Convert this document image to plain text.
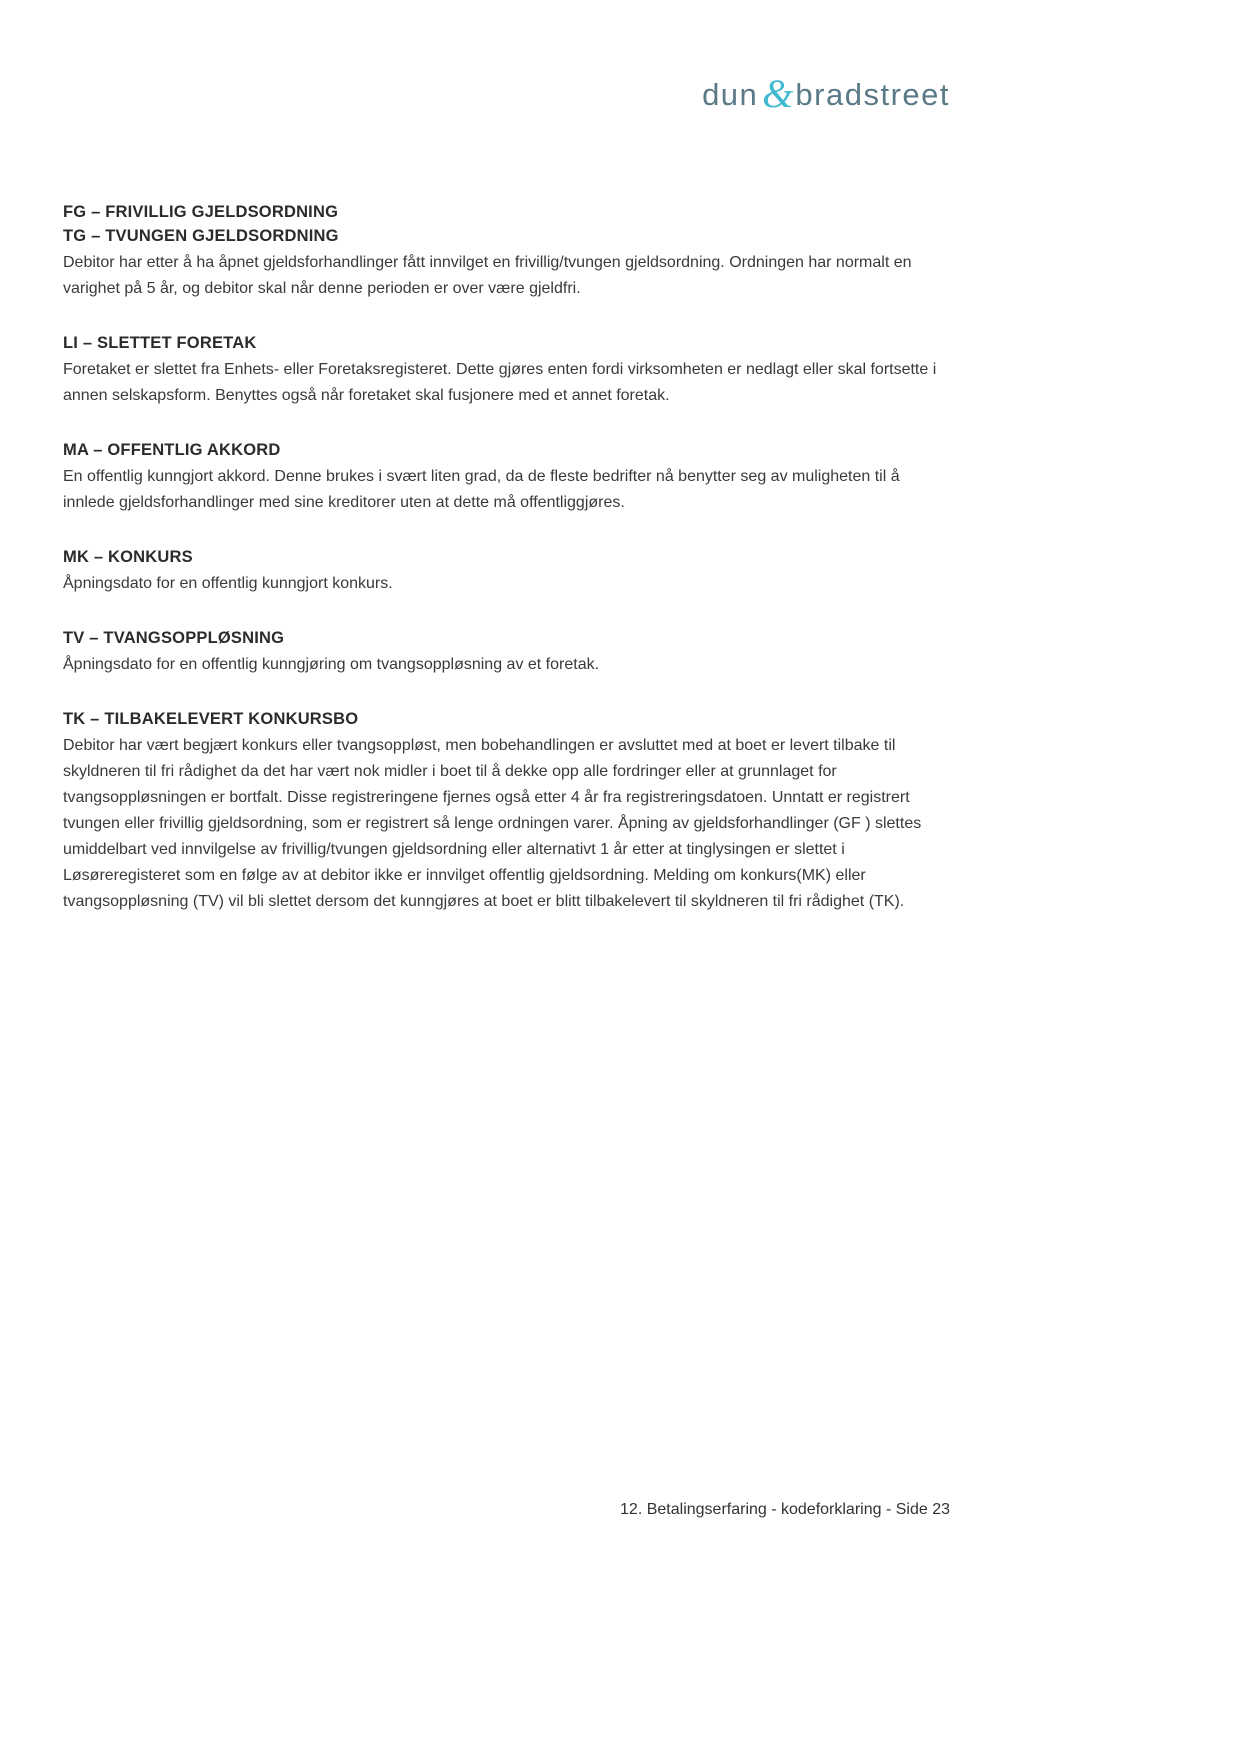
dun & bradstreet
FG – FRIVILLIG GJELDSORDNING
TG – TVUNGEN GJELDSORDNING

Debitor har etter å ha åpnet gjeldsforhandlinger fått innvilget en frivillig/tvungen gjeldsordning. Ordningen har normalt en varighet på 5 år, og debitor skal når denne perioden er over være gjeldfri.

LI – SLETTET FORETAK

Foretaket er slettet fra Enhets- eller Foretaksregisteret. Dette gjøres enten fordi virksomheten er nedlagt eller skal fortsette i annen selskapsform. Benyttes også når foretaket skal fusjonere med et annet foretak.

MA – OFFENTLIG AKKORD

En offentlig kunngjort akkord. Denne brukes i svært liten grad, da de fleste bedrifter nå benytter seg av muligheten til å innlede gjeldsforhandlinger med sine kreditorer uten at dette må offentliggjøres.

MK – KONKURS

Åpningsdato for en offentlig kunngjort konkurs.

TV – TVANGSOPPLØSNING

Åpningsdato for en offentlig kunngjøring om tvangsoppløsning av et foretak.

TK – TILBAKELEVERT KONKURSBO

Debitor har vært begjært konkurs eller tvangsoppløst, men bobehandlingen er avsluttet med at boet er levert tilbake til skyldneren til fri rådighet da det har vært nok midler i boet til å dekke opp alle fordringer eller at grunnlaget for tvangsoppløsningen er bortfalt. Disse registreringene fjernes også etter 4 år fra registreringsdatoen. Unntatt er registrert tvungen eller frivillig gjeldsordning, som er registrert så lenge ordningen varer. Åpning av gjeldsforhandlinger (GF ) slettes umiddelbart ved innvilgelse av frivillig/tvungen gjeldsordning eller alternativt 1 år etter at tinglysingen er slettet i Løsøreregisteret som en følge av at debitor ikke er innvilget offentlig gjeldsordning. Melding om konkurs(MK) eller tvangsoppløsning (TV) vil bli slettet dersom det kunngjøres at boet er blitt tilbakelevert til skyldneren til fri rådighet (TK).

12. Betalingserfaring - kodeforklaring - Side 23
